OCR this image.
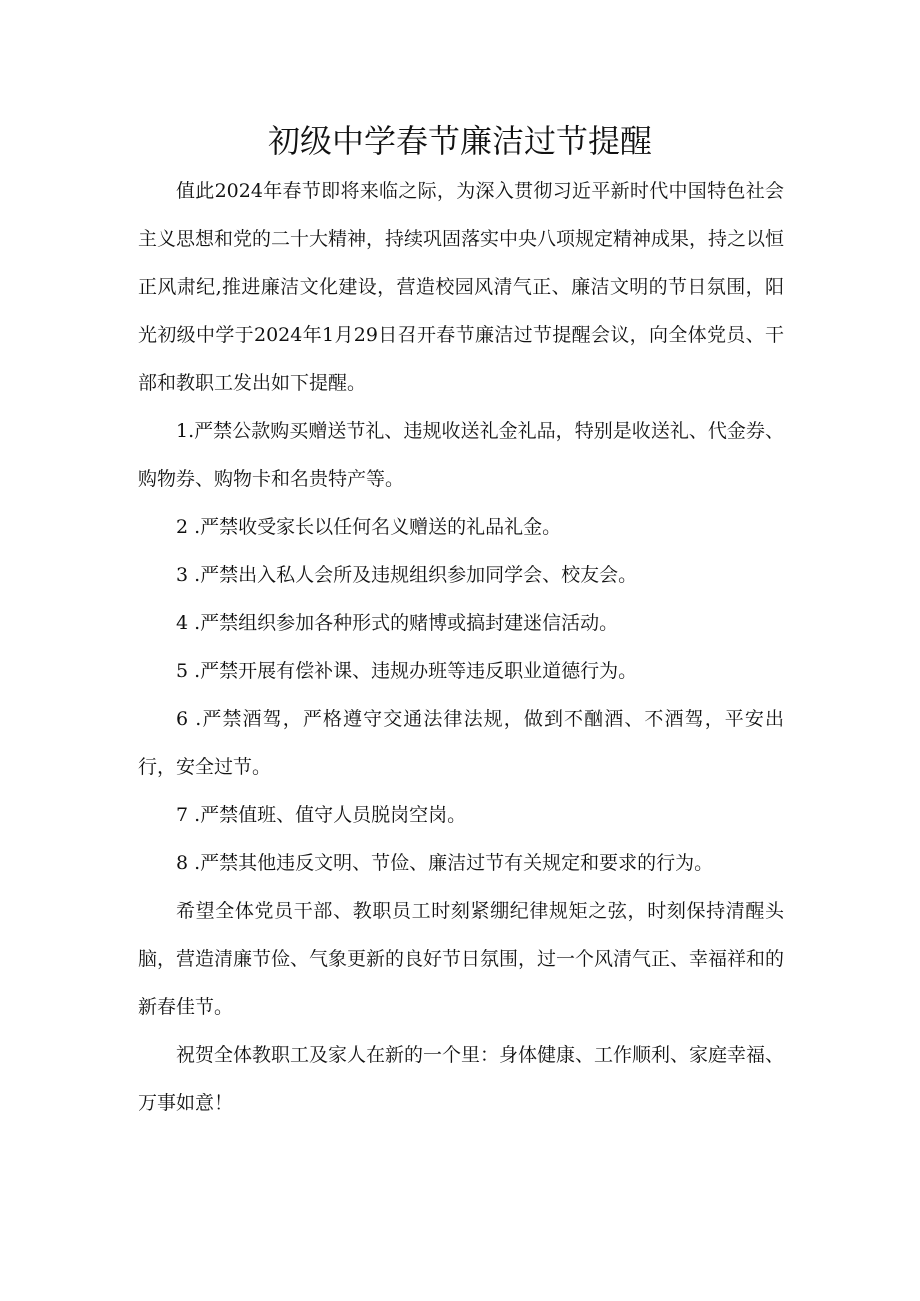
初级中学春节廉洁过节提醒

值此2024年春节即将来临之际，为深入贯彻习近平新时代中国特色社会主义思想和党的二十大精神，持续巩固落实中央八项规定精神成果，持之以恒正风肃纪,推进廉洁文化建设，营造校园风清气正、廉洁文明的节日氛围，阳光初级中学于2024年1月29日召开春节廉洁过节提醒会议，向全体党员、干部和教职工发出如下提醒。

1.严禁公款购买赠送节礼、违规收送礼金礼品，特别是收送礼、代金券、购物券、购物卡和名贵特产等。

2 .严禁收受家长以任何名义赠送的礼品礼金。

3 .严禁出入私人会所及违规组织参加同学会、校友会。

4 .严禁组织参加各种形式的赌博或搞封建迷信活动。

5 .严禁开展有偿补课、违规办班等违反职业道德行为。

6 .严禁酒驾，严格遵守交通法律法规，做到不酗酒、不酒驾，平安出行，安全过节。

7 .严禁值班、值守人员脱岗空岗。

8 .严禁其他违反文明、节俭、廉洁过节有关规定和要求的行为。

希望全体党员干部、教职员工时刻紧绷纪律规矩之弦，时刻保持清醒头脑，营造清廉节俭、气象更新的良好节日氛围，过一个风清气正、幸福祥和的新春佳节。

祝贺全体教职工及家人在新的一个里：身体健康、工作顺利、家庭幸福、万事如意！
